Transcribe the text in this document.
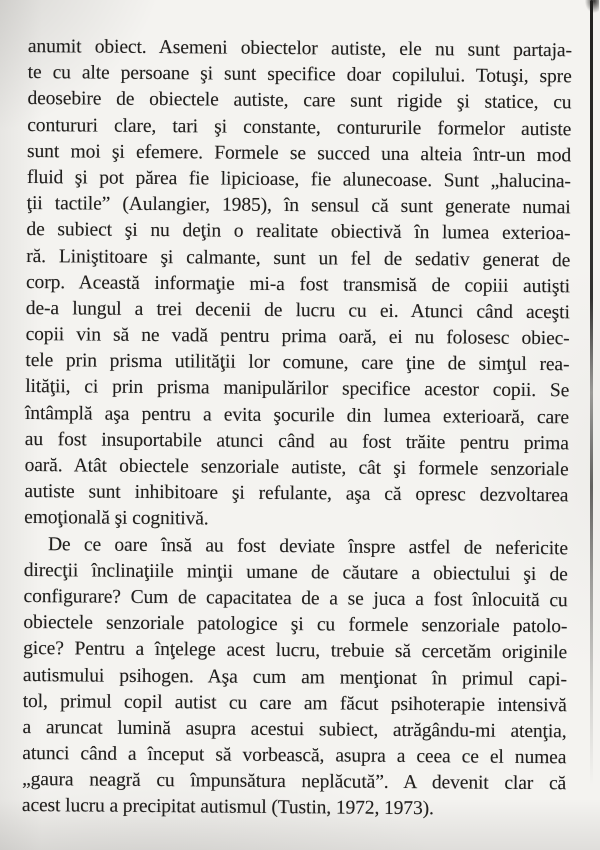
anumit obiect. Asemeni obiectelor autiste, ele nu sunt partaja-
te cu alte persoane şi sunt specifice doar copilului. Totuşi, spre
deosebire de obiectele autiste, care sunt rigide şi statice, cu
contururi clare, tari şi constante, contururile formelor autiste
sunt moi şi efemere. Formele se succed una alteia într-un mod
fluid şi pot părea fie lipicioase, fie alunecoase. Sunt „halucina-
ţii tactile” (Aulangier, 1985), în sensul că sunt generate numai
de subiect şi nu deţin o realitate obiectivă în lumea exterioa-
ră. Liniştitoare şi calmante, sunt un fel de sedativ generat de
corp. Această informaţie mi-a fost transmisă de copiii autişti
de-a lungul a trei decenii de lucru cu ei. Atunci când aceşti
copii vin să ne vadă pentru prima oară, ei nu folosesc obiec-
tele prin prisma utilităţii lor comune, care ţine de simţul rea-
lităţii, ci prin prisma manipulărilor specifice acestor copii. Se
întâmplă aşa pentru a evita şocurile din lumea exterioară, care
au fost insuportabile atunci când au fost trăite pentru prima
oară. Atât obiectele senzoriale autiste, cât şi formele senzoriale
autiste sunt inhibitoare şi refulante, aşa că opresc dezvoltarea
emoţională şi cognitivă.
De ce oare însă au fost deviate înspre astfel de nefericite
direcţii înclinaţiile minţii umane de căutare a obiectului şi de
configurare? Cum de capacitatea de a se juca a fost înlocuită cu
obiectele senzoriale patologice şi cu formele senzoriale patolo-
gice? Pentru a înţelege acest lucru, trebuie să cercetăm originile
autismului psihogen. Aşa cum am menţionat în primul capi-
tol, primul copil autist cu care am făcut psihoterapie intensivă
a aruncat lumină asupra acestui subiect, atrăgându-mi atenţia,
atunci când a început să vorbească, asupra a ceea ce el numea
„gaura neagră cu împunsătura neplăcută”. A devenit clar că
acest lucru a precipitat autismul (Tustin, 1972, 1973).
